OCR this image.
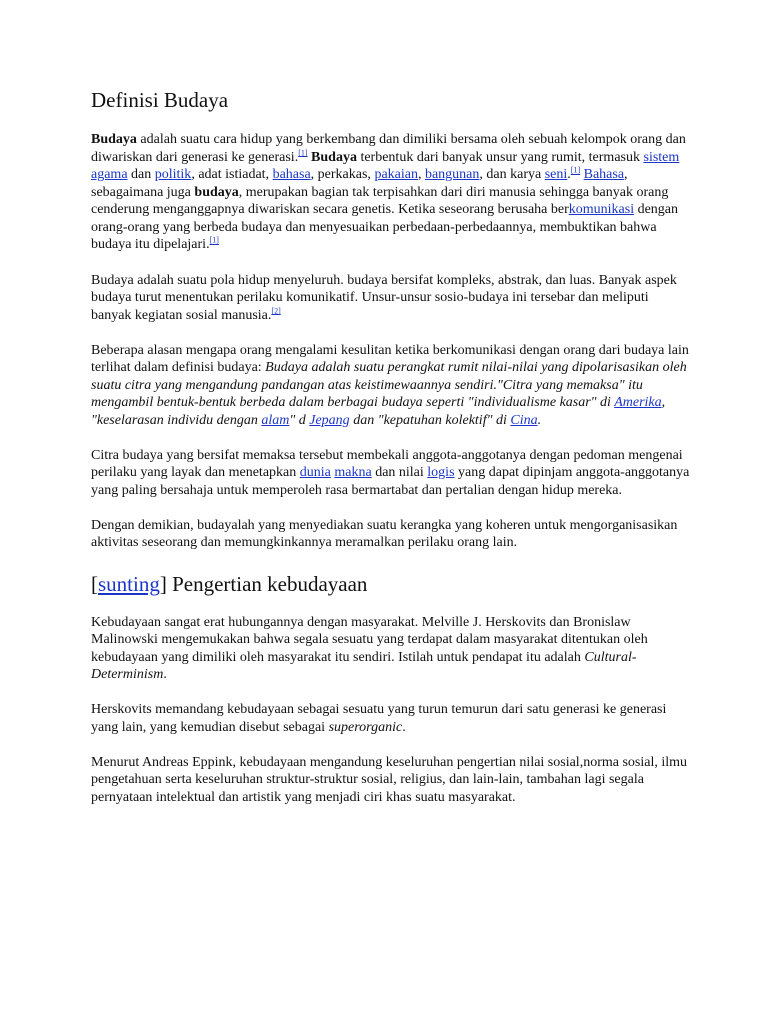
Definisi Budaya

Budaya adalah suatu cara hidup yang berkembang dan dimiliki bersama oleh sebuah kelompok orang dan diwariskan dari generasi ke generasi.[1] Budaya terbentuk dari banyak unsur yang rumit, termasuk sistem agama dan politik, adat istiadat, bahasa, perkakas, pakaian, bangunan, dan karya seni.[1] Bahasa, sebagaimana juga budaya, merupakan bagian tak terpisahkan dari diri manusia sehingga banyak orang cenderung menganggapnya diwariskan secara genetis. Ketika seseorang berusaha berkomunikasi dengan orang-orang yang berbeda budaya dan menyesuaikan perbedaan-perbedaannya, membuktikan bahwa budaya itu dipelajari.[1]

Budaya adalah suatu pola hidup menyeluruh. budaya bersifat kompleks, abstrak, dan luas. Banyak aspek budaya turut menentukan perilaku komunikatif. Unsur-unsur sosio-budaya ini tersebar dan meliputi banyak kegiatan sosial manusia.[2]

Beberapa alasan mengapa orang mengalami kesulitan ketika berkomunikasi dengan orang dari budaya lain terlihat dalam definisi budaya: Budaya adalah suatu perangkat rumit nilai-nilai yang dipolarisasikan oleh suatu citra yang mengandung pandangan atas keistimewaannya sendiri."Citra yang memaksa" itu mengambil bentuk-bentuk berbeda dalam berbagai budaya seperti "individualisme kasar" di Amerika, "keselarasan individu dengan alam" d Jepang dan "kepatuhan kolektif" di Cina.

Citra budaya yang bersifat memaksa tersebut membekali anggota-anggotanya dengan pedoman mengenai perilaku yang layak dan menetapkan dunia makna dan nilai logis yang dapat dipinjam anggota-anggotanya yang paling bersahaja untuk memperoleh rasa bermartabat dan pertalian dengan hidup mereka.

Dengan demikian, budayalah yang menyediakan suatu kerangka yang koheren untuk mengorganisasikan aktivitas seseorang dan memungkinkannya meramalkan perilaku orang lain.

[sunting] Pengertian kebudayaan

Kebudayaan sangat erat hubungannya dengan masyarakat. Melville J. Herskovits dan Bronislaw Malinowski mengemukakan bahwa segala sesuatu yang terdapat dalam masyarakat ditentukan oleh kebudayaan yang dimiliki oleh masyarakat itu sendiri. Istilah untuk pendapat itu adalah Cultural-Determinism.

Herskovits memandang kebudayaan sebagai sesuatu yang turun temurun dari satu generasi ke generasi yang lain, yang kemudian disebut sebagai superorganic.

Menurut Andreas Eppink, kebudayaan mengandung keseluruhan pengertian nilai sosial,norma sosial, ilmu pengetahuan serta keseluruhan struktur-struktur sosial, religius, dan lain-lain, tambahan lagi segala pernyataan intelektual dan artistik yang menjadi ciri khas suatu masyarakat.
